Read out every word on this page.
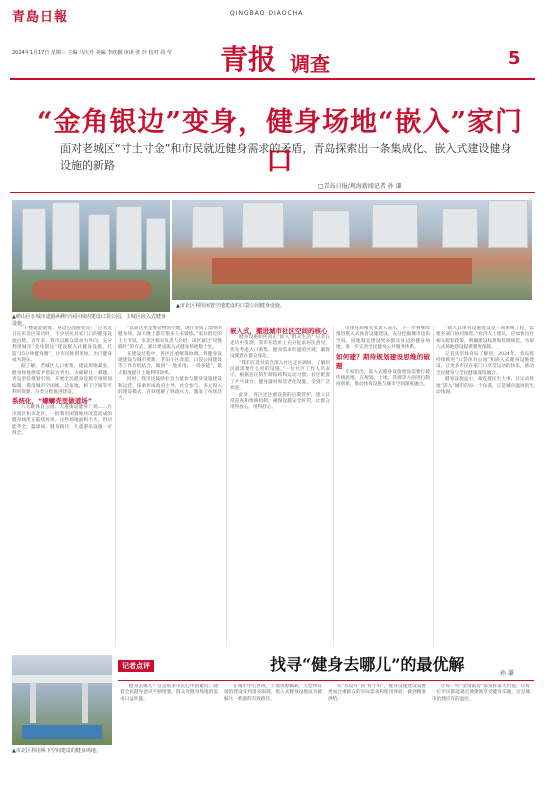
青島日報
2024年1月17日 星期三 主编 马庆丹 美编 李欣桐 审读 张 玲 校对 周 莹
QINGBAO DIAOCHA
青报 调查	5
“金角银边”变身，健身场地“嵌入”家门口
面对老城区“寸土寸金”和市民就近健身需求的矛盾，青岛探索出一条集成化、嵌入式建设健身设施的新路
□青岛日报/观海新闻记者 孙 谦
▲崂山区在城市道路两侧空闲区域内建设口袋公园，主城区嵌入式健身设施。
▲市北区利用闲置空地建设的口袋公园健身设施。

“下楼就能锻炼，身边公园随处见！”记者近日在市北区采访时，不少居民对家门口的健身设施点赞。近年来，我市以群众需求为导向，充分利用城市“金角银边”建设嵌入式健身设施，打造“15分钟健身圈”，让市民推窗见绿、出门健身成为现实。

据了解，老城区人口密集，建设用地紧张，健身场地供需矛盾较为突出。为破解这一难题，青岛坚持规划引领，开展全民健身设施专项规划编制，摸清城市空闲地、边角地、桥下空间等可利用资源，分类分批推进建设。

系统化，“螺蛳壳里做道场”

八大峡体育公园、大港街道健身广场……在市南区和市北区，一批利用闲置地块改造而成的健身场所正陆续投用。这些场地面积不大，但功能齐全，篮球场、健身路径、儿童游乐设施一应俱全。

“以前这里是堆杂物的空地，现在变成了漂亮的健身场，每天晚上都有很多人来锻炼。”家住附近的王大爷说。市北区相关负责人介绍，该区通过“见缝插针”的方式，累计建成嵌入式健身场地数十处。

在建设过程中，各区注重统筹协调，将健身设施建设与城市更新、老旧小区改造、口袋公园建设等工作有机结合，做到“一地多用、一场多能”，最大限度提升土地利用效率。

同时，我市还鼓励社会力量参与健身设施建设和运营，探索形成政府主导、社会参与、多元投入的建设模式，有效缓解了财政压力，激发了市场活力。

嵌入式，搬进城市社区空间的核心

健身设施如何真正“嵌入”群众生活？记者在走访中发现，我市在选址上充分征求居民意见，优先考虑人口密集、健身需求旺盛的区域，确保设施建在群众身边。

“我们在选址前会深入社区走访调研，了解居民最需要什么样的设施。”一位社区工作人员表示，根据居民的年龄结构和运动习惯，社区配置了乒乓球台、健身器材和适老化设施，受到广泛欢迎。

此外，各区还注重设施的后期管护，建立日常巡查和维修机制，确保设施安全好用，让群众用得放心、用得舒心。

市体育局相关负责人表示，下一步将继续推进嵌入式体育设施建设，充分挖掘城市边角空间，因地制宜建设更多群众身边的健身场地，进一步完善全民健身公共服务体系。

如何建？期待规划建设思维的破题

专家指出，嵌入式健身设施建设需要打破传统思维，在规划、土地、管理等方面进行制度创新，推动体育设施与城市空间深度融合。

“嵌入式体育设施建设是一项系统工程，需要多部门协同推进。”业内人士建议，应加快出台相关配套政策，明确建设标准和管理规范，为嵌入式场地建设提供制度保障。

记者从市体育局了解到，2024年，青岛将持续推进“口袋体育公园”和嵌入式健身设施建设，让更多市民在家门口享受运动的快乐，推动全民健身与全民健康深度融合。

健身设施虽小，却连着民生大事。让运动场地“嵌入”城市的每一个角落，正是城市温度的生动体现。

▲市北区利用桥下空间建设的健身场地。
记者点评	找寻“健身去哪儿”的最优解	孙 谦

健身去哪儿？这是很多市民心中的疑问。随着全民健身意识不断增强，群众对健身场地的需求日益旺盛。

在城市中心区域，土地资源稀缺，大型体育场馆建设受到诸多限制，嵌入式健身设施成为破解这一难题的有效路径。

从“有没有”到“好不好”，健身设施建设需要更加注重群众的实际需求和使用体验，做到精准供给。

让每一块“金角银边”都发挥最大价值，让每一位市民都能就近便捷地享受健身乐趣，这是城市治理应有的温度。
